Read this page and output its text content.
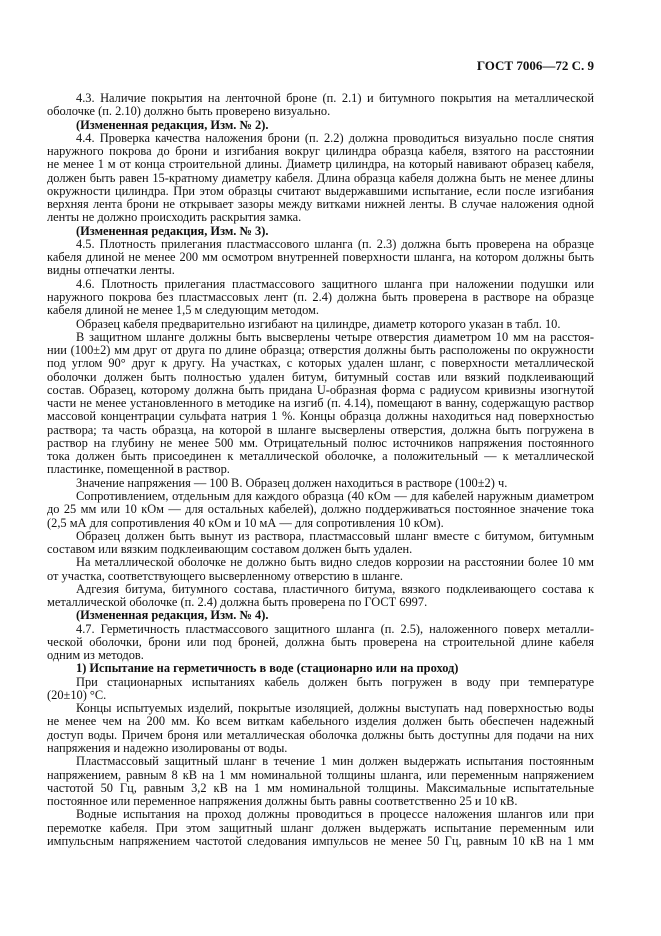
ГОСТ 7006—72 С. 9
4.3. Наличие покрытия на ленточной броне (п. 2.1) и битумного покрытия на металлической
оболочке (п. 2.10) должно быть проверено визуально.
(Измененная редакция, Изм. № 2).
4.4. Проверка качества наложения брони (п. 2.2) должна проводиться визуально после снятия
наружного покрова до брони и изгибания вокруг цилиндра образца кабеля, взятого на расстоянии
не менее 1 м от конца строительной длины. Диаметр цилиндра, на который навивают образец кабеля,
должен быть равен 15-кратному диаметру кабеля. Длина образца кабеля должна быть не менее длины
окружности цилиндра. При этом образцы считают выдержавшими испытание, если после изгибания
верхняя лента брони не открывает зазоры между витками нижней ленты. В случае наложения одной
ленты не должно происходить раскрытия замка.
(Измененная редакция, Изм. № 3).
4.5. Плотность прилегания пластмассового шланга (п. 2.3) должна быть проверена на образце
кабеля длиной не менее 200 мм осмотром внутренней поверхности шланга, на котором должны быть
видны отпечатки ленты.
4.6. Плотность прилегания пластмассового защитного шланга при наложении подушки или
наружного покрова без пластмассовых лент (п. 2.4) должна быть проверена в растворе на образце
кабеля длиной не менее 1,5 м следующим методом.
Образец кабеля предварительно изгибают на цилиндре, диаметр которого указан в табл. 10.
В защитном шланге должны быть высверлены четыре отверстия диаметром 10 мм на расстоя-
нии (100±2) мм друг от друга по длине образца; отверстия должны быть расположены по окружности
под углом 90° друг к другу. На участках, с которых удален шланг, с поверхности металлической
оболочки должен быть полностью удален битум, битумный состав или вязкий подклеивающий
состав. Образец, которому должна быть придана U-образная форма с радиусом кривизны изогнутой
части не менее установленного в методике на изгиб (п. 4.14), помещают в ванну, содержащую раствор
массовой концентрации сульфата натрия 1 %. Концы образца должны находиться над поверхностью
раствора; та часть образца, на которой в шланге высверлены отверстия, должна быть погружена в
раствор на глубину не менее 500 мм. Отрицательный полюс источников напряжения постоянного
тока должен быть присоединен к металлической оболочке, а положительный — к металлической
пластинке, помещенной в раствор.
Значение напряжения — 100 В. Образец должен находиться в растворе (100±2) ч.
Сопротивлением, отдельным для каждого образца (40 кОм — для кабелей наружным диаметром
до 25 мм или 10 кОм — для остальных кабелей), должно поддерживаться постоянное значение тока
(2,5 мА для сопротивления 40 кОм и 10 мА — для сопротивления 10 кОм).
Образец должен быть вынут из раствора, пластмассовый шланг вместе с битумом, битумным
составом или вязким подклеивающим составом должен быть удален.
На металлической оболочке не должно быть видно следов коррозии на расстоянии более 10 мм
от участка, соответствующего высверленному отверстию в шланге.
Адгезия битума, битумного состава, пластичного битума, вязкого подклеивающего состава к
металлической оболочке (п. 2.4) должна быть проверена по ГОСТ 6997.
(Измененная редакция, Изм. № 4).
4.7. Герметичность пластмассового защитного шланга (п. 2.5), наложенного поверх металли-
ческой оболочки, брони или под броней, должна быть проверена на строительной длине кабеля
одним из методов.
1) Испытание на герметичность в воде (стационарно или на проход)
При стационарных испытаниях кабель должен быть погружен в воду при температуре
(20±10) °С.
Концы испытуемых изделий, покрытые изоляцией, должны выступать над поверхностью воды
не менее чем на 200 мм. Ко всем виткам кабельного изделия должен быть обеспечен надежный
доступ воды. Причем броня или металлическая оболочка должны быть доступны для подачи на них
напряжения и надежно изолированы от воды.
Пластмассовый защитный шланг в течение 1 мин должен выдержать испытания постоянным
напряжением, равным 8 кВ на 1 мм номинальной толщины шланга, или переменным напряжением
частотой 50 Гц, равным 3,2 кВ на 1 мм номинальной толщины. Максимальные испытательные
постоянное или переменное напряжения должны быть равны соответственно 25 и 10 кВ.
Водные испытания на проход должны проводиться в процессе наложения шлангов или при
перемотке кабеля. При этом защитный шланг должен выдержать испытание переменным или
импульсным напряжением частотой следования импульсов не менее 50 Гц, равным 10 кВ на 1 мм
